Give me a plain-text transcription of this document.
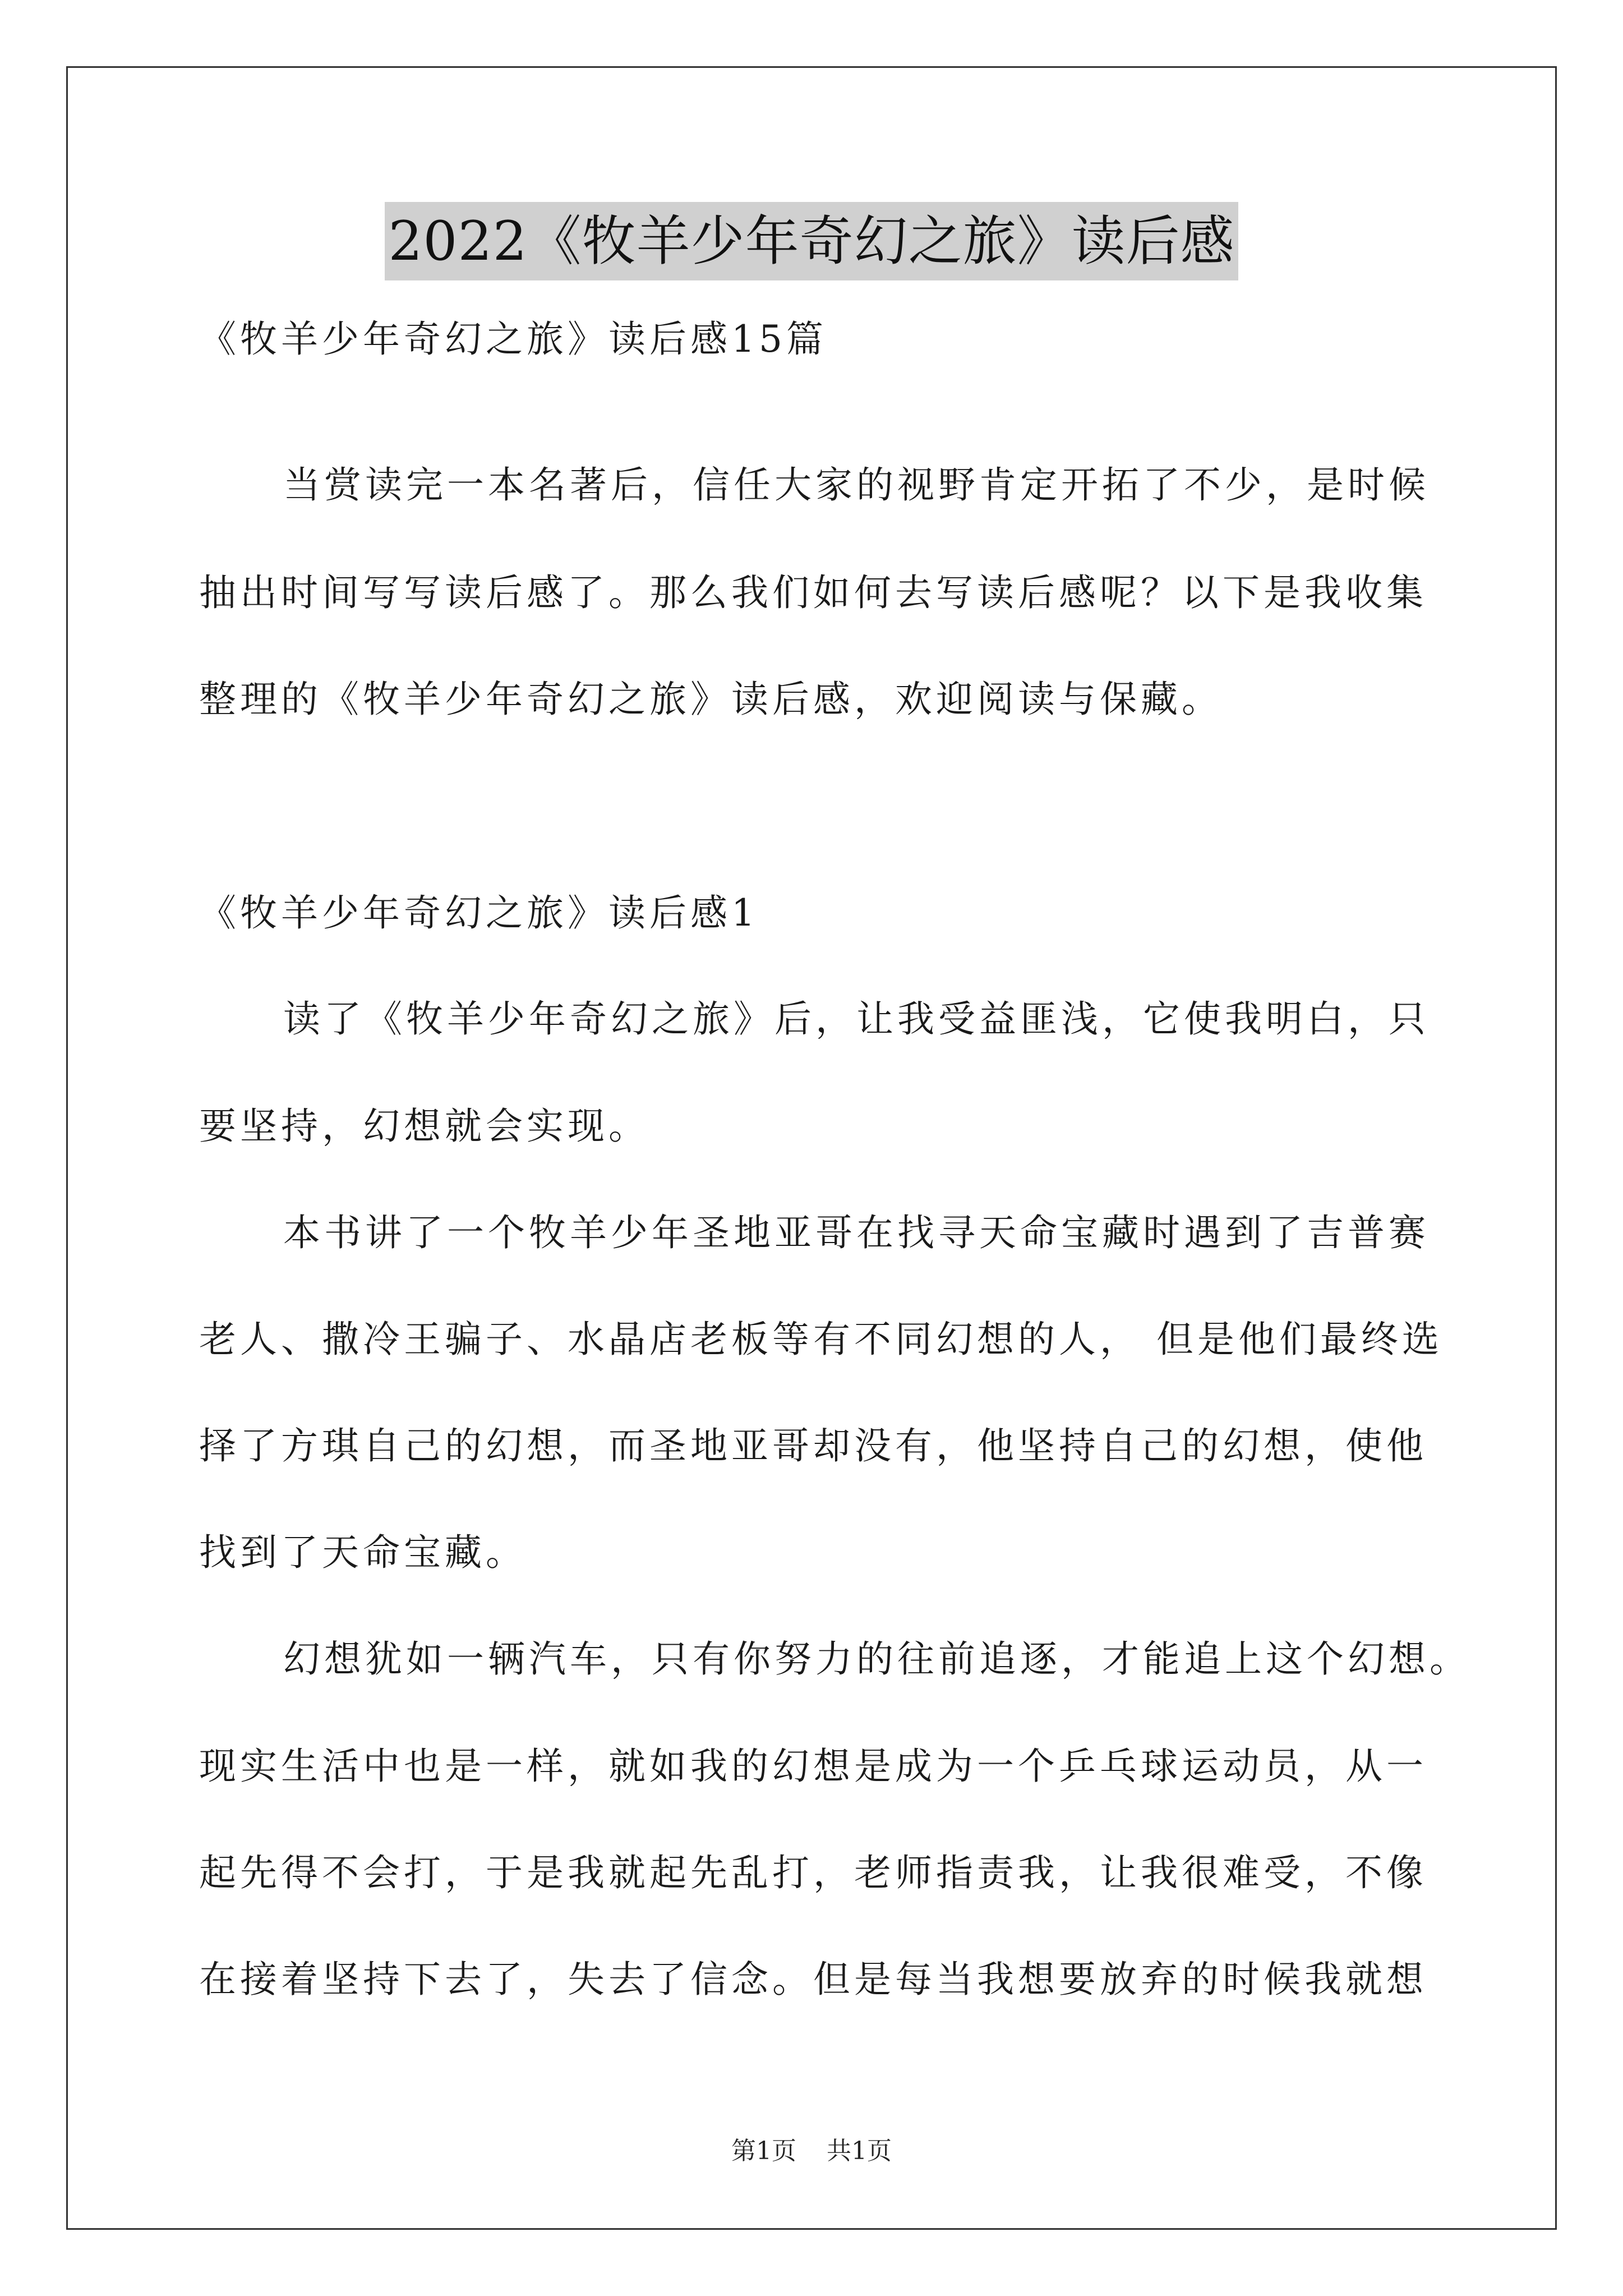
2022《牧羊少年奇幻之旅》读后感
《牧羊少年奇幻之旅》读后感15篇
当赏读完一本名著后，信任大家的视野肯定开拓了不少，是时候
抽出时间写写读后感了。那么我们如何去写读后感呢？以下是我收集
整理的《牧羊少年奇幻之旅》读后感，欢迎阅读与保藏。
《牧羊少年奇幻之旅》读后感1
读了《牧羊少年奇幻之旅》后，让我受益匪浅，它使我明白，只
要坚持，幻想就会实现。
本书讲了一个牧羊少年圣地亚哥在找寻天命宝藏时遇到了吉普赛
老人、撒冷王骗子、水晶店老板等有不同幻想的人， 但是他们最终选
择了方琪自己的幻想，而圣地亚哥却没有，他坚持自己的幻想，使他
找到了天命宝藏。
幻想犹如一辆汽车，只有你努力的往前追逐，才能追上这个幻想。
现实生活中也是一样，就如我的幻想是成为一个乒乓球运动员，从一
起先得不会打，于是我就起先乱打，老师指责我，让我很难受，不像
在接着坚持下去了，失去了信念。但是每当我想要放弃的时候我就想
第1页 共1页
